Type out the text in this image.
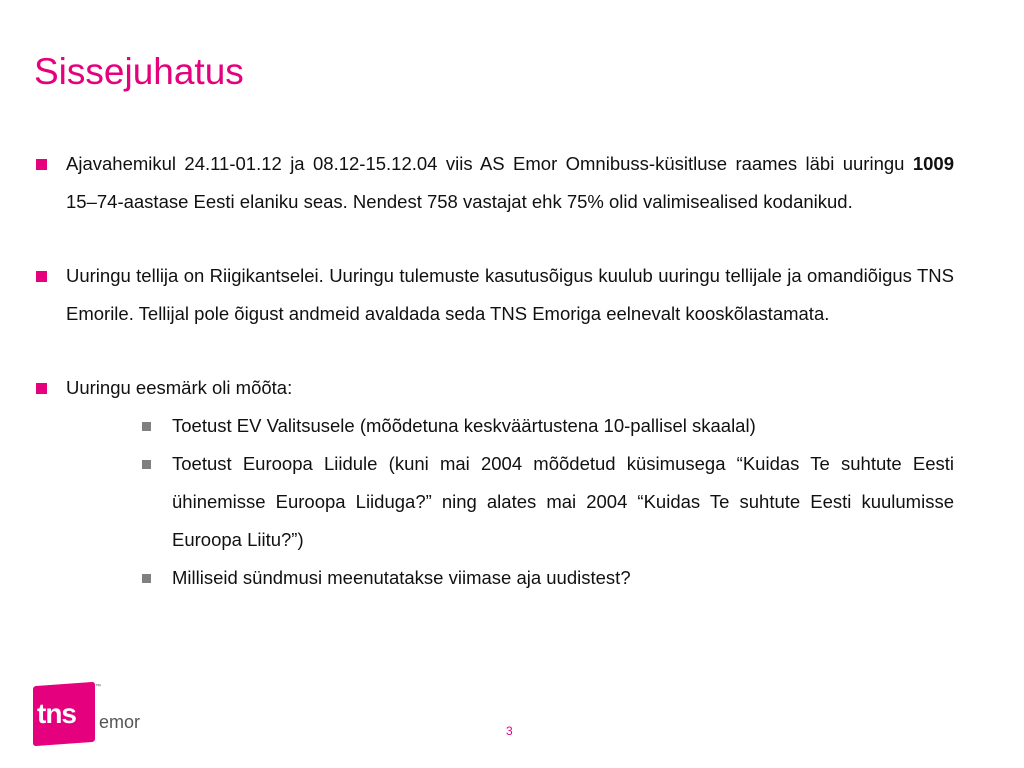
Sissejuhatus
Ajavahemikul 24.11-01.12 ja 08.12-15.12.04 viis AS Emor Omnibuss-küsitluse raames läbi uuringu 1009 15–74-aastase Eesti elaniku seas. Nendest 758 vastajat ehk 75% olid valimisealised kodanikud.
Uuringu tellija on Riigikantselei. Uuringu tulemuste kasutusõigus kuulub uuringu tellijale ja omandiõigus TNS Emorile. Tellijal pole õigust andmeid avaldada seda TNS Emoriga eelnevalt kooskõlastamata.
Uuringu eesmärk oli mõõta:
Toetust EV Valitsusele (mõõdetuna keskväärtustena 10-pallisel skaalal)
Toetust Euroopa Liidule (kuni mai 2004 mõõdetud küsimusega “Kuidas Te suhtute Eesti ühinemisse Euroopa Liiduga?” ning alates mai 2004 “Kuidas Te suhtute Eesti kuulumisse Euroopa Liitu?”)
Milliseid sündmusi meenutatakse viimase aja uudistest?
tns
™
emor	3
